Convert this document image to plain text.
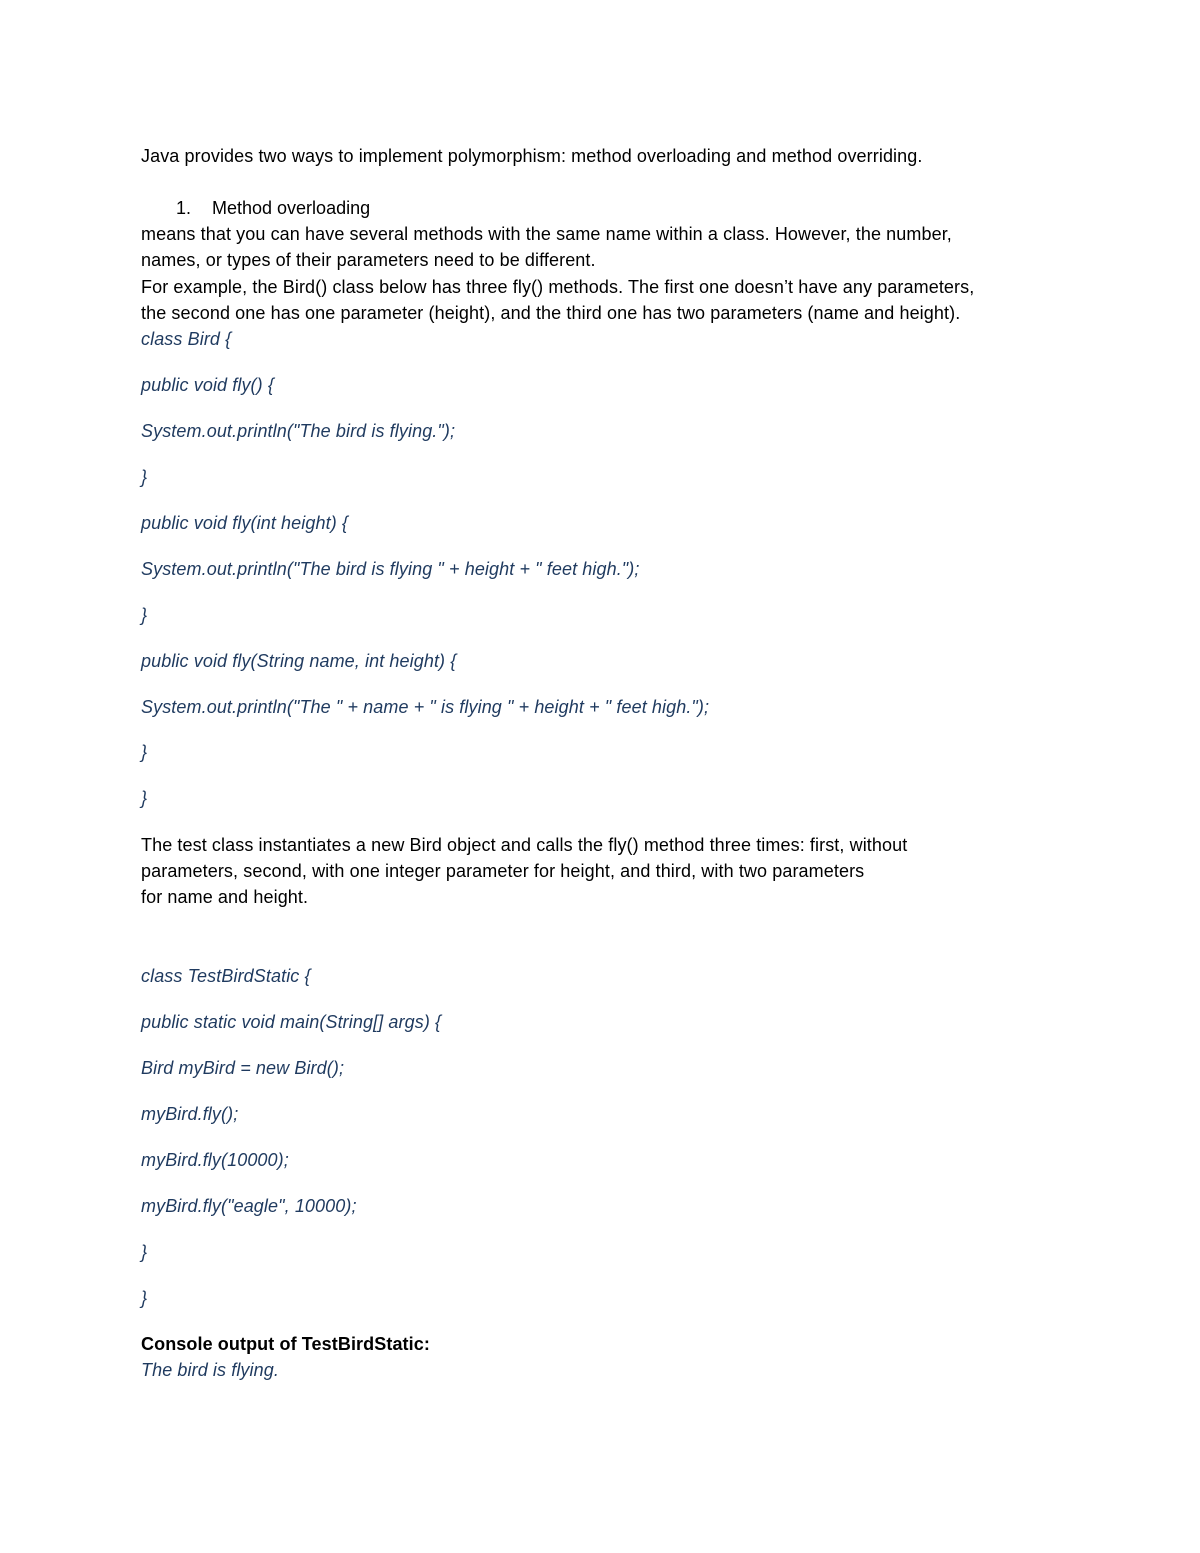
Java provides two ways to implement polymorphism: method overloading and method overriding.
1. Method overloading
means that you can have several methods with the same name within a class. However, the number,
names, or types of their parameters need to be different.
For example, the Bird() class below has three fly() methods. The first one doesn’t have any parameters,
the second one has one parameter (height), and the third one has two parameters (name and height).
class Bird {
public void fly() {
System.out.println("The bird is flying.");
}
public void fly(int height) {
System.out.println("The bird is flying " + height + " feet high.");
}
public void fly(String name, int height) {
System.out.println("The " + name + " is flying " + height + " feet high.");
}
}
The test class instantiates a new Bird object and calls the fly() method three times: first, without
parameters, second, with one integer parameter for height, and third, with two parameters
for name and height.
class TestBirdStatic {
public static void main(String[] args) {
Bird myBird = new Bird();
myBird.fly();
myBird.fly(10000);
myBird.fly("eagle", 10000);
}
}
Console output of TestBirdStatic:
The bird is flying.
